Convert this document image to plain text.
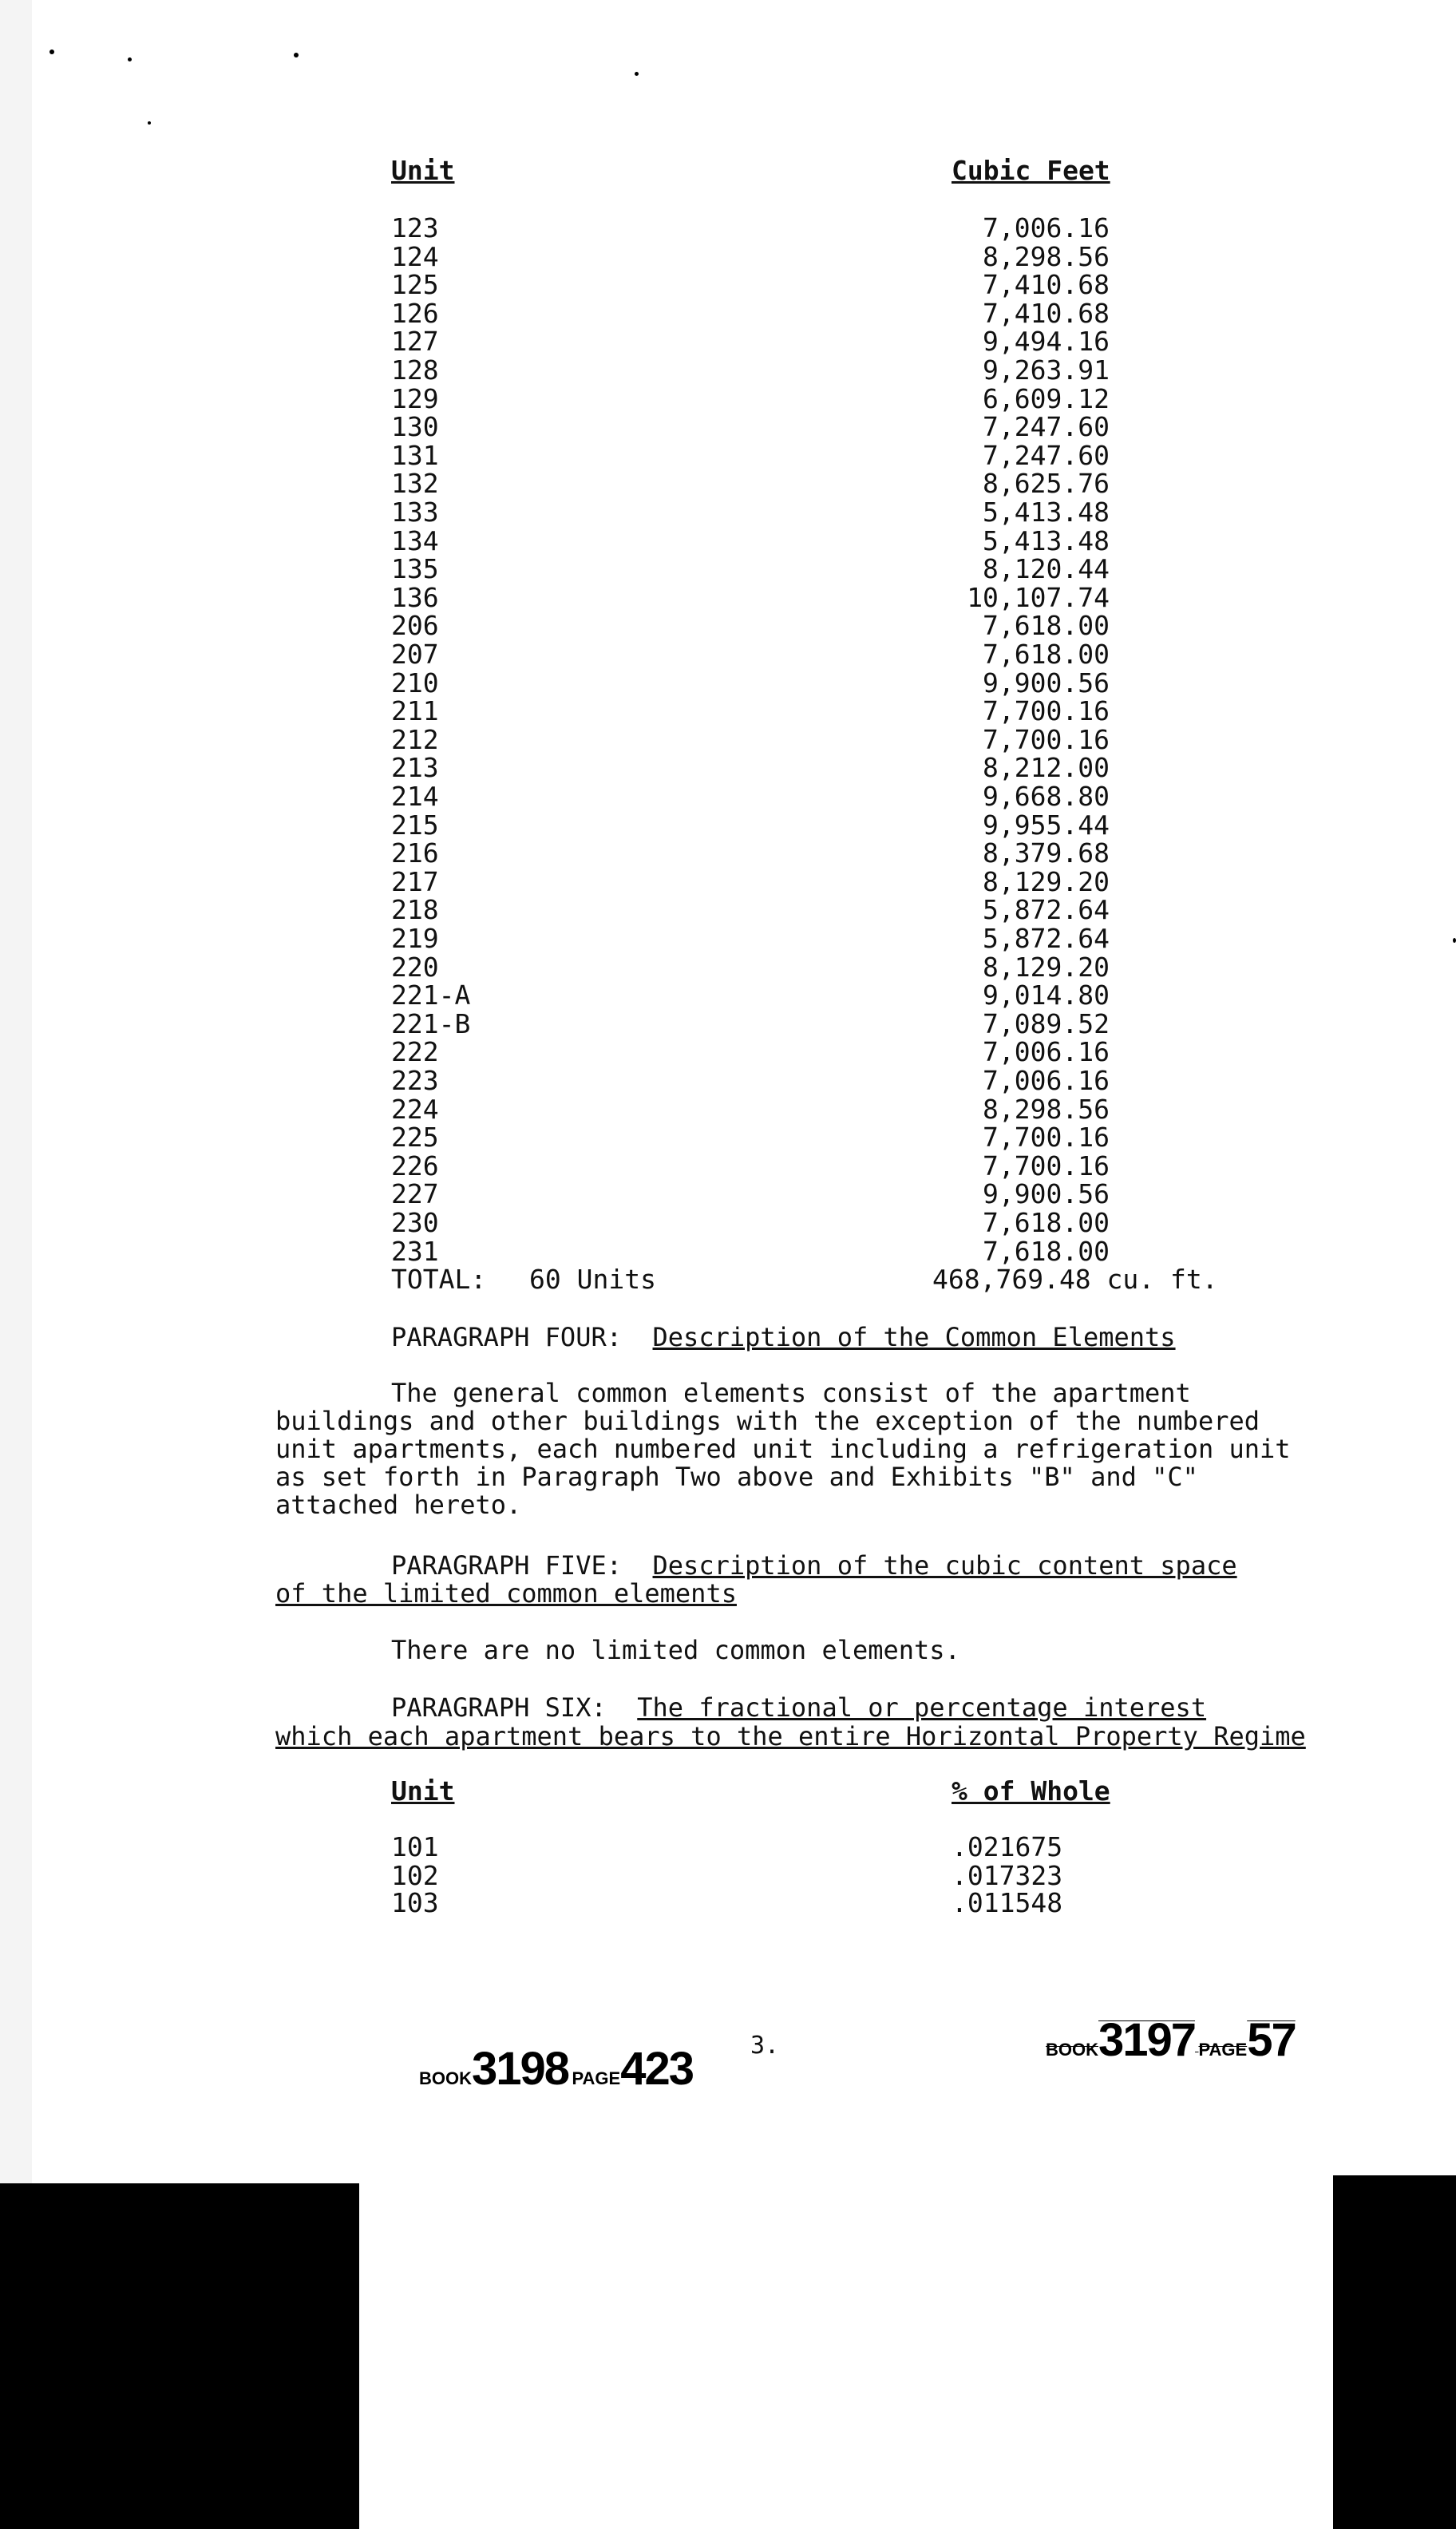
Unit	Cubic Feet
123	7,006.16
124	8,298.56
125	7,410.68
126	7,410.68
127	9,494.16
128	9,263.91
129	6,609.12
130	7,247.60
131	7,247.60
132	8,625.76
133	5,413.48
134	5,413.48
135	8,120.44
136	10,107.74
206	7,618.00
207	7,618.00
210	9,900.56
211	7,700.16
212	7,700.16
213	8,212.00
214	9,668.80
215	9,955.44
216	8,379.68
217	8,129.20
218	5,872.64
219	5,872.64
220	8,129.20
221-A	9,014.80
221-B	7,089.52
222	7,006.16
223	7,006.16
224	8,298.56
225	7,700.16
226	7,700.16
227	9,900.56
230	7,618.00
231	7,618.00
TOTAL: 60 Units	468,769.48 cu. ft.
PARAGRAPH FOUR: Description of the Common Elements
The general common elements consist of the apartment
buildings and other buildings with the exception of the numbered
unit apartments, each numbered unit including a refrigeration unit
as set forth in Paragraph Two above and Exhibits "B" and "C"
attached hereto.
PARAGRAPH FIVE: Description of the cubic content space
of the limited common elements
There are no limited common elements.
PARAGRAPH SIX: The fractional or percentage interest
which each apartment bears to the entire Horizontal Property Regime
Unit	% of Whole
101	.021675
102	.017323
103	.011548
3.
BOOK3198 PAGE423	BOOK3197 PAGE57
